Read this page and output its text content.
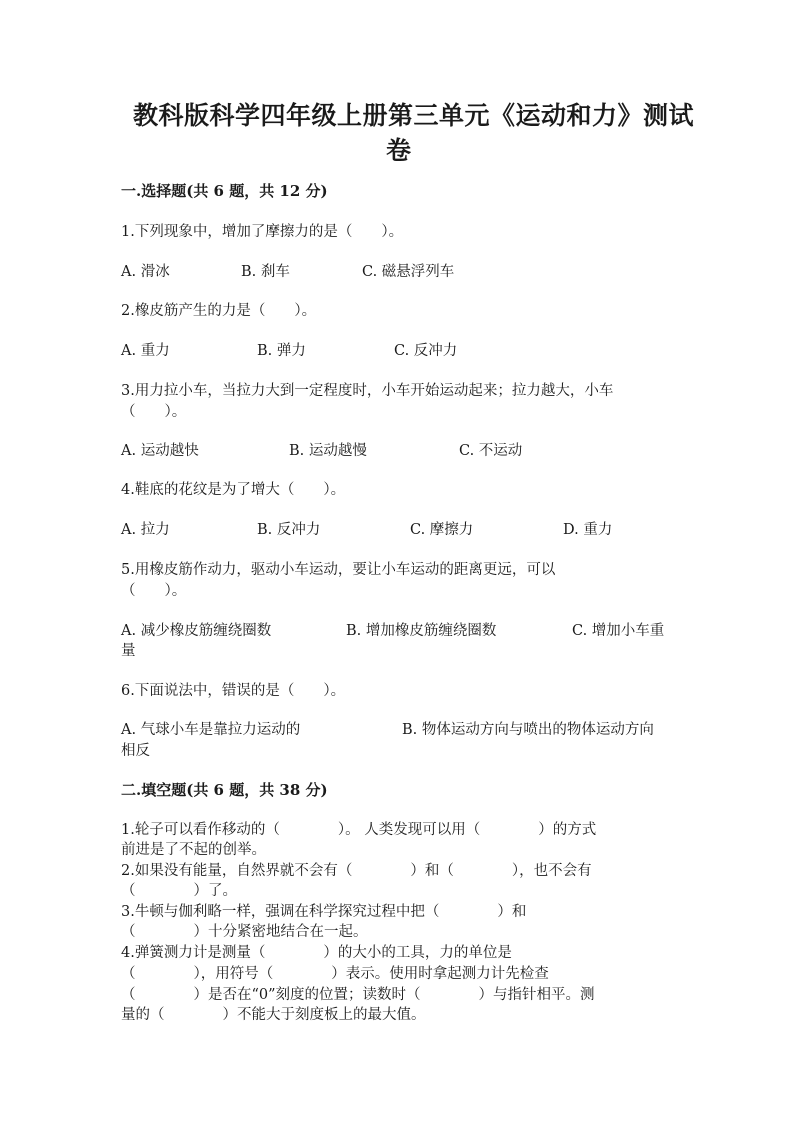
教科版科学四年级上册第三单元《运动和力》测试
卷
一.选择题(共 6 题，共 12 分)
1.下列现象中，增加了摩擦力的是（　　）。
A. 滑冰	B. 刹车	C. 磁悬浮列车
2.橡皮筋产生的力是（　　）。
A. 重力	B. 弹力	C. 反冲力
3.用力拉小车，当拉力大到一定程度时，小车开始运动起来；拉力越大，小车
（　　）。
A. 运动越快	B. 运动越慢	C. 不运动
4.鞋底的花纹是为了增大（　　）。
A. 拉力	B. 反冲力	C. 摩擦力	D. 重力
5.用橡皮筋作动力，驱动小车运动，要让小车运动的距离更远，可以
（　　）。
A. 减少橡皮筋缠绕圈数	B. 增加橡皮筋缠绕圈数	C. 增加小车重
量
6.下面说法中，错误的是（　　）。
A. 气球小车是靠拉力运动的	B. 物体运动方向与喷出的物体运动方向
相反
二.填空题(共 6 题，共 38 分)
1.轮子可以看作移动的（　　　　）。 人类发现可以用（　　　　）的方式
前进是了不起的创举。
2.如果没有能量，自然界就不会有（　　　　）和（　　　　），也不会有
（　　　　）了。
3.牛顿与伽利略一样，强调在科学探究过程中把（　　　　）和
（　　　　）十分紧密地结合在一起。
4.弹簧测力计是测量（　　　　）的大小的工具，力的单位是
（　　　　），用符号（　　　　）表示。使用时拿起测力计先检查
（　　　　）是否在“0”刻度的位置；读数时（　　　　）与指针相平。测
量的（　　　　）不能大于刻度板上的最大值。
